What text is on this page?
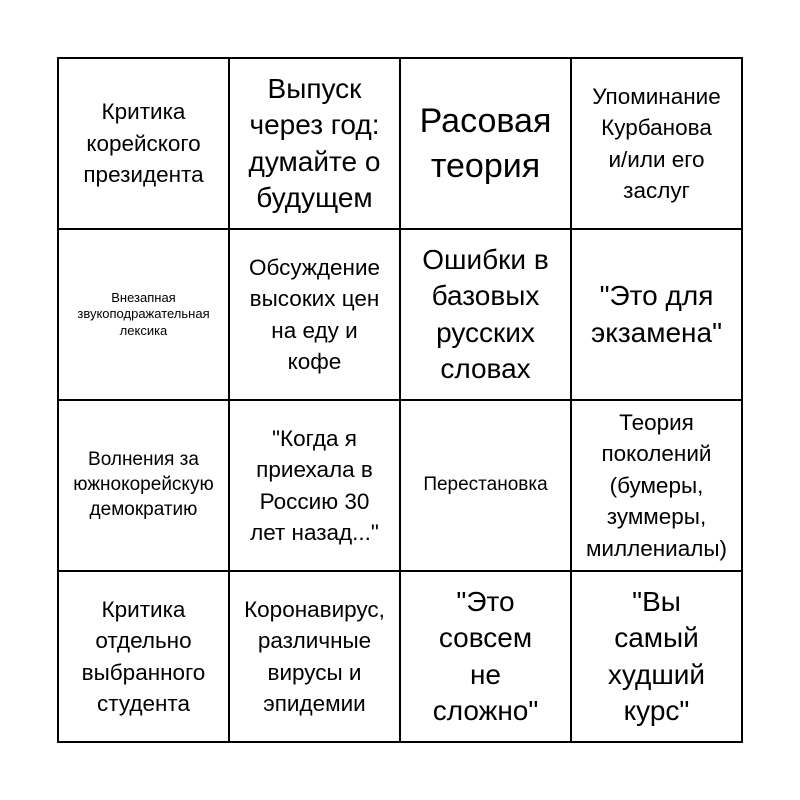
Критика
корейского
президента
Выпуск
через год:
думайте о
будущем
Расовая
теория
Упоминание
Курбанова
и/или его
заслуг
Внезапная
звукоподражательная
лексика
Обсуждение
высоких цен
на еду и
кофе
Ошибки в
базовых
русских
словах
"Это для
экзамена"
Волнения за
южнокорейскую
демократию
"Когда я
приехала в
Россию 30
лет назад..."
Перестановка
Теория
поколений
(бумеры,
зуммеры,
миллениалы)
Критика
отдельно
выбранного
студента
Коронавирус,
различные
вирусы и
эпидемии
"Это
совсем
не
сложно"
"Вы
самый
худший
курс"
